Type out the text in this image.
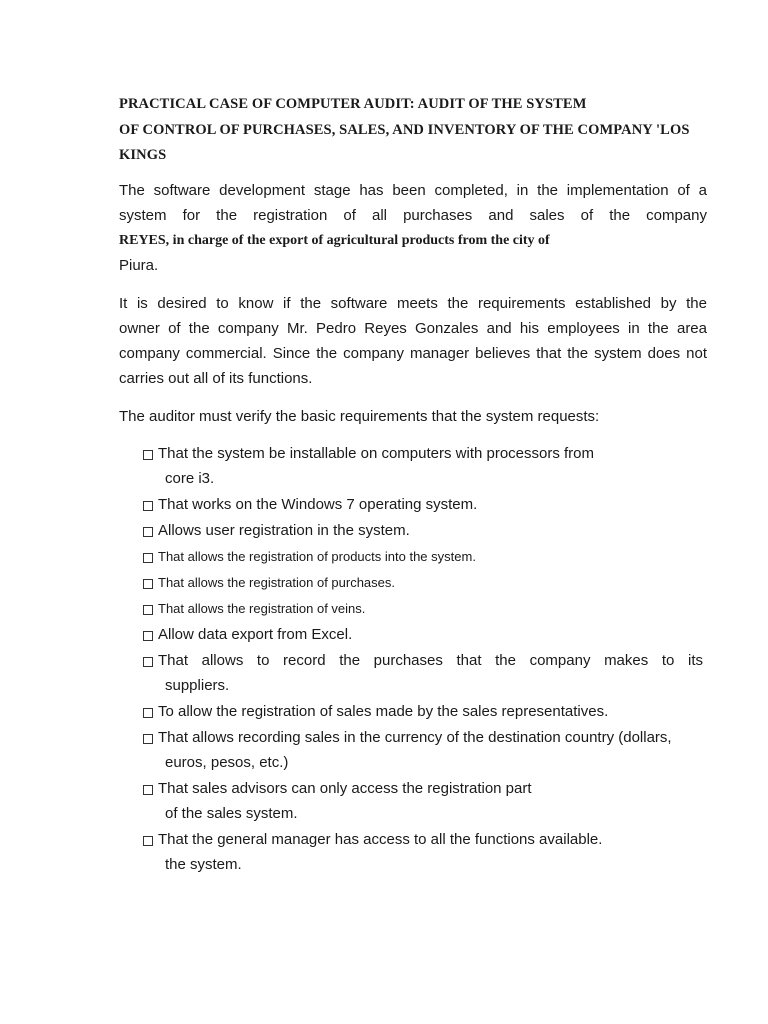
PRACTICAL CASE OF COMPUTER AUDIT: AUDIT OF THE SYSTEM
OF CONTROL OF PURCHASES, SALES, AND INVENTORY OF THE COMPANY 'LOS
KINGS
The software development stage has been completed, in the implementation of a
system for the registration of all purchases and sales of the company
REYES, in charge of the export of agricultural products from the city of
Piura.
It is desired to know if the software meets the requirements established by the
owner of the company Mr. Pedro Reyes Gonzales and his employees in the area
company commercial. Since the company manager believes that the system does not
carries out all of its functions.
The auditor must verify the basic requirements that the system requests:
That the system be installable on computers with processors from
core i3.
That works on the Windows 7 operating system.
Allows user registration in the system.
That allows the registration of products into the system.
That allows the registration of purchases.
That allows the registration of veins.
Allow data export from Excel.
That allows to record the purchases that the company makes to its
suppliers.
To allow the registration of sales made by the sales representatives.
That allows recording sales in the currency of the destination country (dollars,
euros, pesos, etc.)
That sales advisors can only access the registration part
of the sales system.
That the general manager has access to all the functions available.
the system.
